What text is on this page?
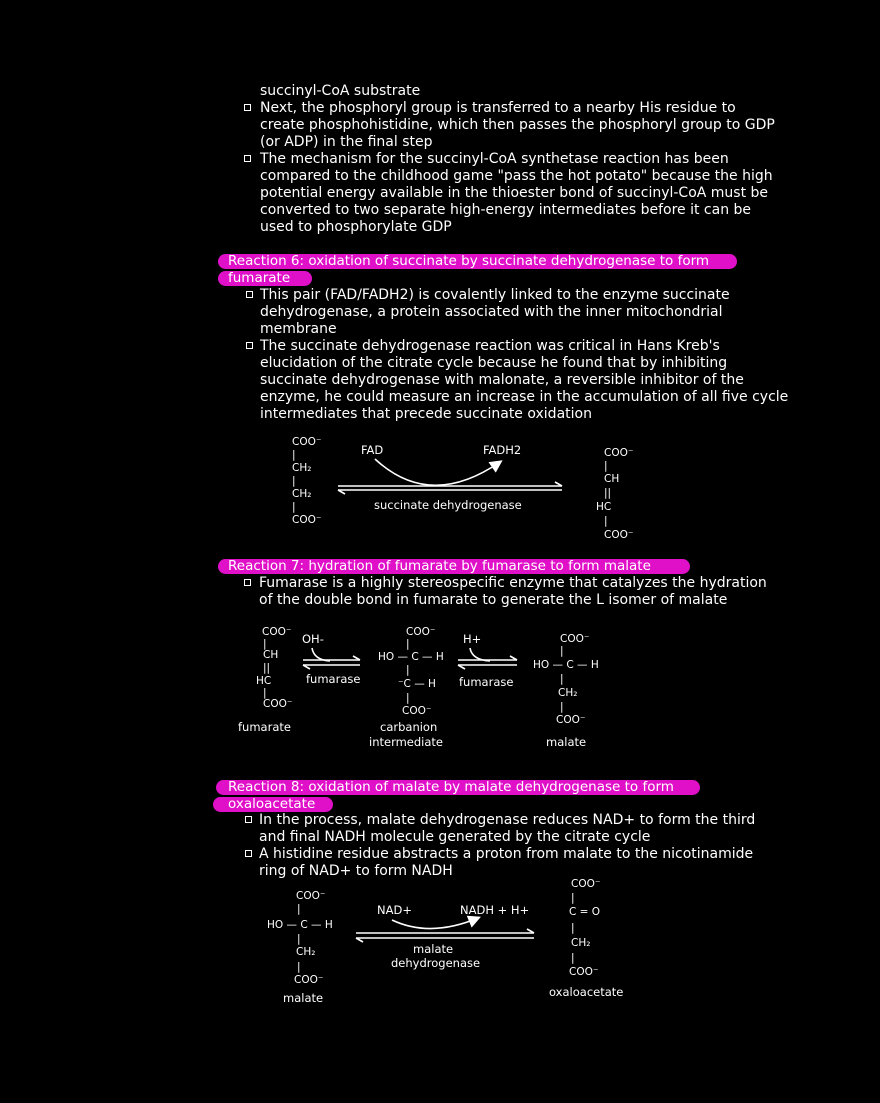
succinyl-CoA substrate
Next, the phosphoryl group is transferred to a nearby His residue to
create phosphohistidine, which then passes the phosphoryl group to GDP
(or ADP) in the final step
The mechanism for the succinyl-CoA synthetase reaction has been
compared to the childhood game "pass the hot potato" because the high
potential energy available in the thioester bond of succinyl-CoA must be
converted to two separate high-energy intermediates before it can be
used to phosphorylate GDP
Reaction 6: oxidation of succinate by succinate dehydrogenase to form
fumarate
This pair (FAD/FADH2) is covalently linked to the enzyme succinate
dehydrogenase, a protein associated with the inner mitochondrial
membrane
The succinate dehydrogenase reaction was critical in Hans Kreb's
elucidation of the citrate cycle because he found that by inhibiting
succinate dehydrogenase with malonate, a reversible inhibitor of the
enzyme, he could measure an increase in the accumulation of all five cycle
intermediates that precede succinate oxidation
COO⁻
|
CH₂
|
CH₂
|
COO⁻
FAD	FADH2
succinate dehydrogenase
COO⁻
|
CH
||
HC
|
COO⁻
Reaction 7: hydration of fumarate by fumarase to form malate
Fumarase is a highly stereospecific enzyme that catalyzes the hydration
of the double bond in fumarate to generate the L isomer of malate
COO⁻
|
CH
||
HC
|
COO⁻
fumarate
OH-
fumarase
COO⁻
|
HO — C — H
|
⁻C — H
|
COO⁻
carbanion
intermediate
H+
fumarase
COO⁻
|
HO — C — H
|
CH₂
|
COO⁻
malate
Reaction 8: oxidation of malate by malate dehydrogenase to form
oxaloacetate
In the process, malate dehydrogenase reduces NAD+ to form the third
and final NADH molecule generated by the citrate cycle
A histidine residue abstracts a proton from malate to the nicotinamide
ring of NAD+ to form NADH
COO⁻
|
HO — C — H
|
CH₂
|
COO⁻
malate
NAD+	NADH + H+
malate
dehydrogenase
COO⁻
|
C = O
|
CH₂
|
COO⁻
oxaloacetate
